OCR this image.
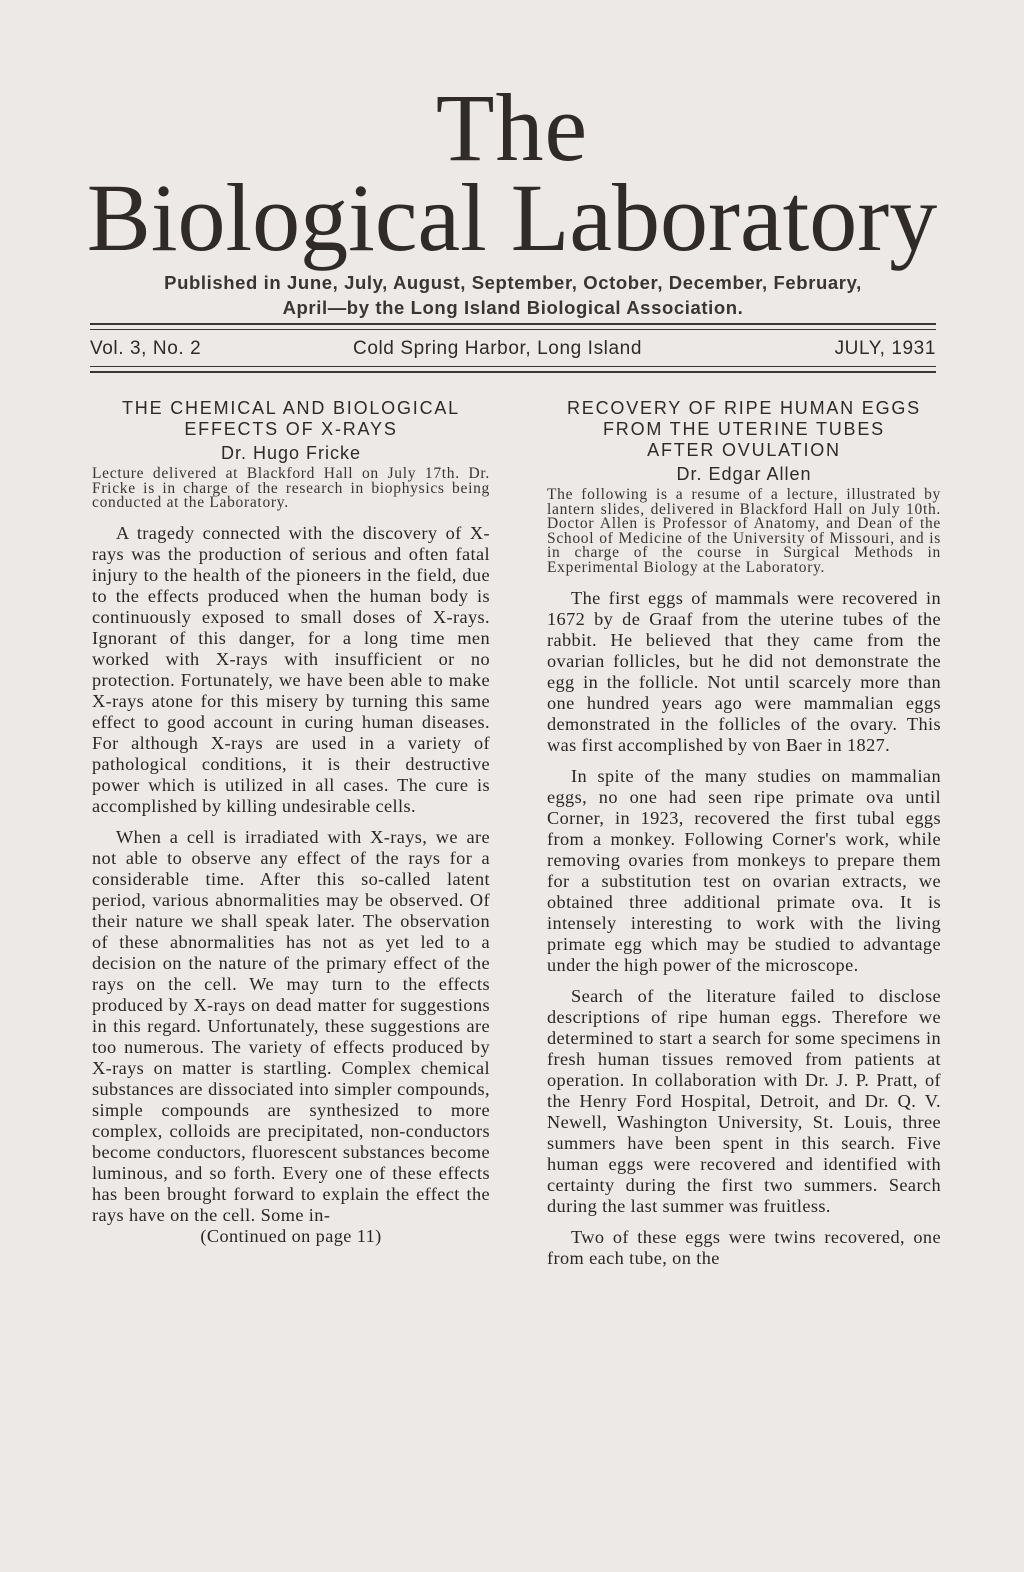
The
Biological Laboratory
Published in June, July, August, September, October, December, February,
April—by the Long Island Biological Association.
Vol. 3, No. 2	Cold Spring Harbor, Long Island	JULY, 1931

THE CHEMICAL AND BIOLOGICAL

EFFECTS OF X-RAYS

Dr. Hugo Fricke

Lecture delivered at Blackford Hall on July 17th. Dr. Fricke is in charge of the research in biophysics being conducted at the Laboratory.

A tragedy connected with the discovery of X-rays was the production of serious and often fatal injury to the health of the pioneers in the field, due to the effects produced when the human body is continuously exposed to small doses of X-rays. Ignorant of this danger, for a long time men worked with X-rays with insufficient or no protection. Fortunately, we have been able to make X-rays atone for this misery by turning this same effect to good account in curing human diseases. For although X-rays are used in a variety of pathological conditions, it is their destructive power which is utilized in all cases. The cure is accomplished by killing undesirable cells.

When a cell is irradiated with X-rays, we are not able to observe any effect of the rays for a considerable time. After this so-called latent period, various abnormalities may be observed. Of their nature we shall speak later. The observation of these abnormalities has not as yet led to a decision on the nature of the primary effect of the rays on the cell. We may turn to the effects produced by X-rays on dead matter for suggestions in this regard. Unfortunately, these suggestions are too numerous. The variety of effects produced by X-rays on matter is startling. Complex chemical substances are dissociated into simpler compounds, simple compounds are synthesized to more complex, colloids are precipitated, non-conductors become conductors, fluorescent substances become luminous, and so forth. Every one of these effects has been brought forward to explain the effect the rays have on the cell. Some in-

(Continued on page 11)

RECOVERY OF RIPE HUMAN EGGS

FROM THE UTERINE TUBES

AFTER OVULATION

Dr. Edgar Allen

The following is a resume of a lecture, illustrated by lantern slides, delivered in Blackford Hall on July 10th. Doctor Allen is Professor of Anatomy, and Dean of the School of Medicine of the University of Missouri, and is in charge of the course in Surgical Methods in Experimental Biology at the Laboratory.

The first eggs of mammals were recovered in 1672 by de Graaf from the uterine tubes of the rabbit. He believed that they came from the ovarian follicles, but he did not demonstrate the egg in the follicle. Not until scarcely more than one hundred years ago were mammalian eggs demonstrated in the follicles of the ovary. This was first accomplished by von Baer in 1827.

In spite of the many studies on mammalian eggs, no one had seen ripe primate ova until Corner, in 1923, recovered the first tubal eggs from a monkey. Following Corner's work, while removing ovaries from monkeys to prepare them for a substitution test on ovarian extracts, we obtained three additional primate ova. It is intensely interesting to work with the living primate egg which may be studied to advantage under the high power of the microscope.

Search of the literature failed to disclose descriptions of ripe human eggs. Therefore we determined to start a search for some specimens in fresh human tissues removed from patients at operation. In collaboration with Dr. J. P. Pratt, of the Henry Ford Hospital, Detroit, and Dr. Q. V. Newell, Washington University, St. Louis, three summers have been spent in this search. Five human eggs were recovered and identified with certainty during the first two summers. Search during the last summer was fruitless.

Two of these eggs were twins recovered, one from each tube, on the
